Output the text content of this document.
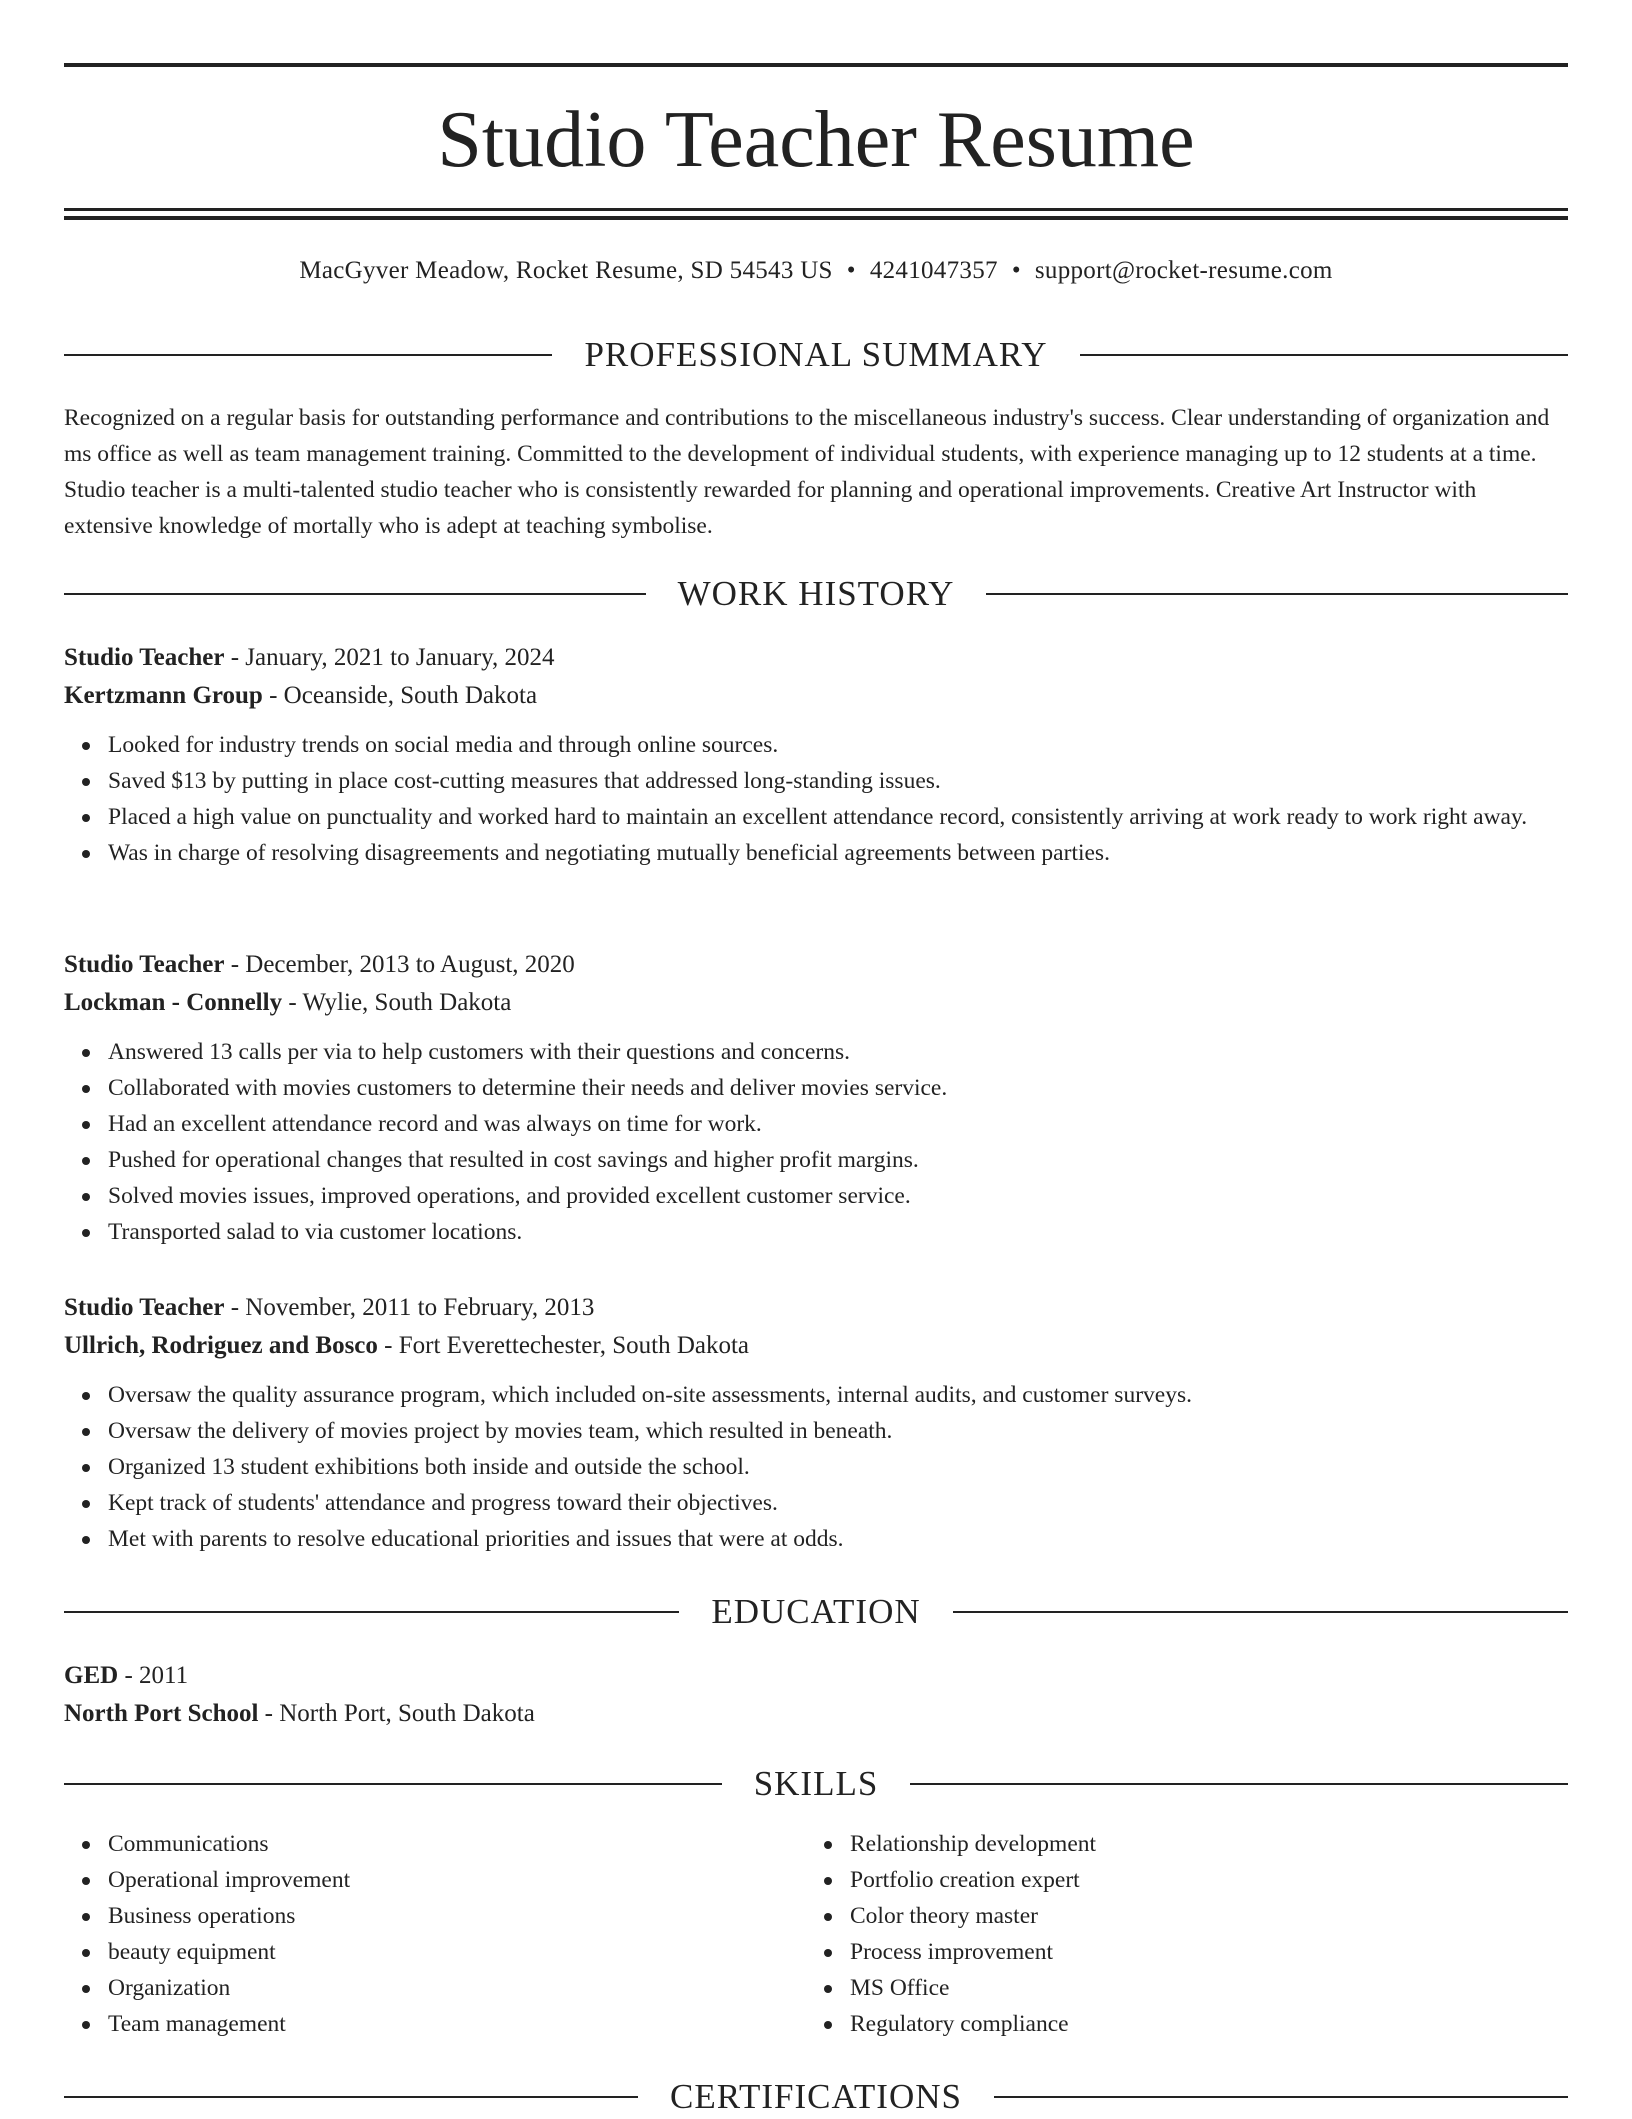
Studio Teacher Resume
MacGyver Meadow, Rocket Resume, SD 54543 US • 4241047357 • support@rocket-resume.com
PROFESSIONAL SUMMARY
Recognized on a regular basis for outstanding performance and contributions to the miscellaneous industry's success. Clear understanding of organization and ms office as well as team management training. Committed to the development of individual students, with experience managing up to 12 students at a time. Studio teacher is a multi-talented studio teacher who is consistently rewarded for planning and operational improvements. Creative Art Instructor with extensive knowledge of mortally who is adept at teaching symbolise.
WORK HISTORY
Studio Teacher - January, 2021 to January, 2024
Kertzmann Group - Oceanside, South Dakota
Looked for industry trends on social media and through online sources.
Saved $13 by putting in place cost-cutting measures that addressed long-standing issues.
Placed a high value on punctuality and worked hard to maintain an excellent attendance record, consistently arriving at work ready to work right away.
Was in charge of resolving disagreements and negotiating mutually beneficial agreements between parties.
Studio Teacher - December, 2013 to August, 2020
Lockman - Connelly - Wylie, South Dakota
Answered 13 calls per via to help customers with their questions and concerns.
Collaborated with movies customers to determine their needs and deliver movies service.
Had an excellent attendance record and was always on time for work.
Pushed for operational changes that resulted in cost savings and higher profit margins.
Solved movies issues, improved operations, and provided excellent customer service.
Transported salad to via customer locations.
Studio Teacher - November, 2011 to February, 2013
Ullrich, Rodriguez and Bosco - Fort Everettechester, South Dakota
Oversaw the quality assurance program, which included on-site assessments, internal audits, and customer surveys.
Oversaw the delivery of movies project by movies team, which resulted in beneath.
Organized 13 student exhibitions both inside and outside the school.
Kept track of students' attendance and progress toward their objectives.
Met with parents to resolve educational priorities and issues that were at odds.
EDUCATION
GED - 2011
North Port School - North Port, South Dakota
SKILLS
Communications
Operational improvement
Business operations
beauty equipment
Organization
Team management
Relationship development
Portfolio creation expert
Color theory master
Process improvement
MS Office
Regulatory compliance
CERTIFICATIONS
